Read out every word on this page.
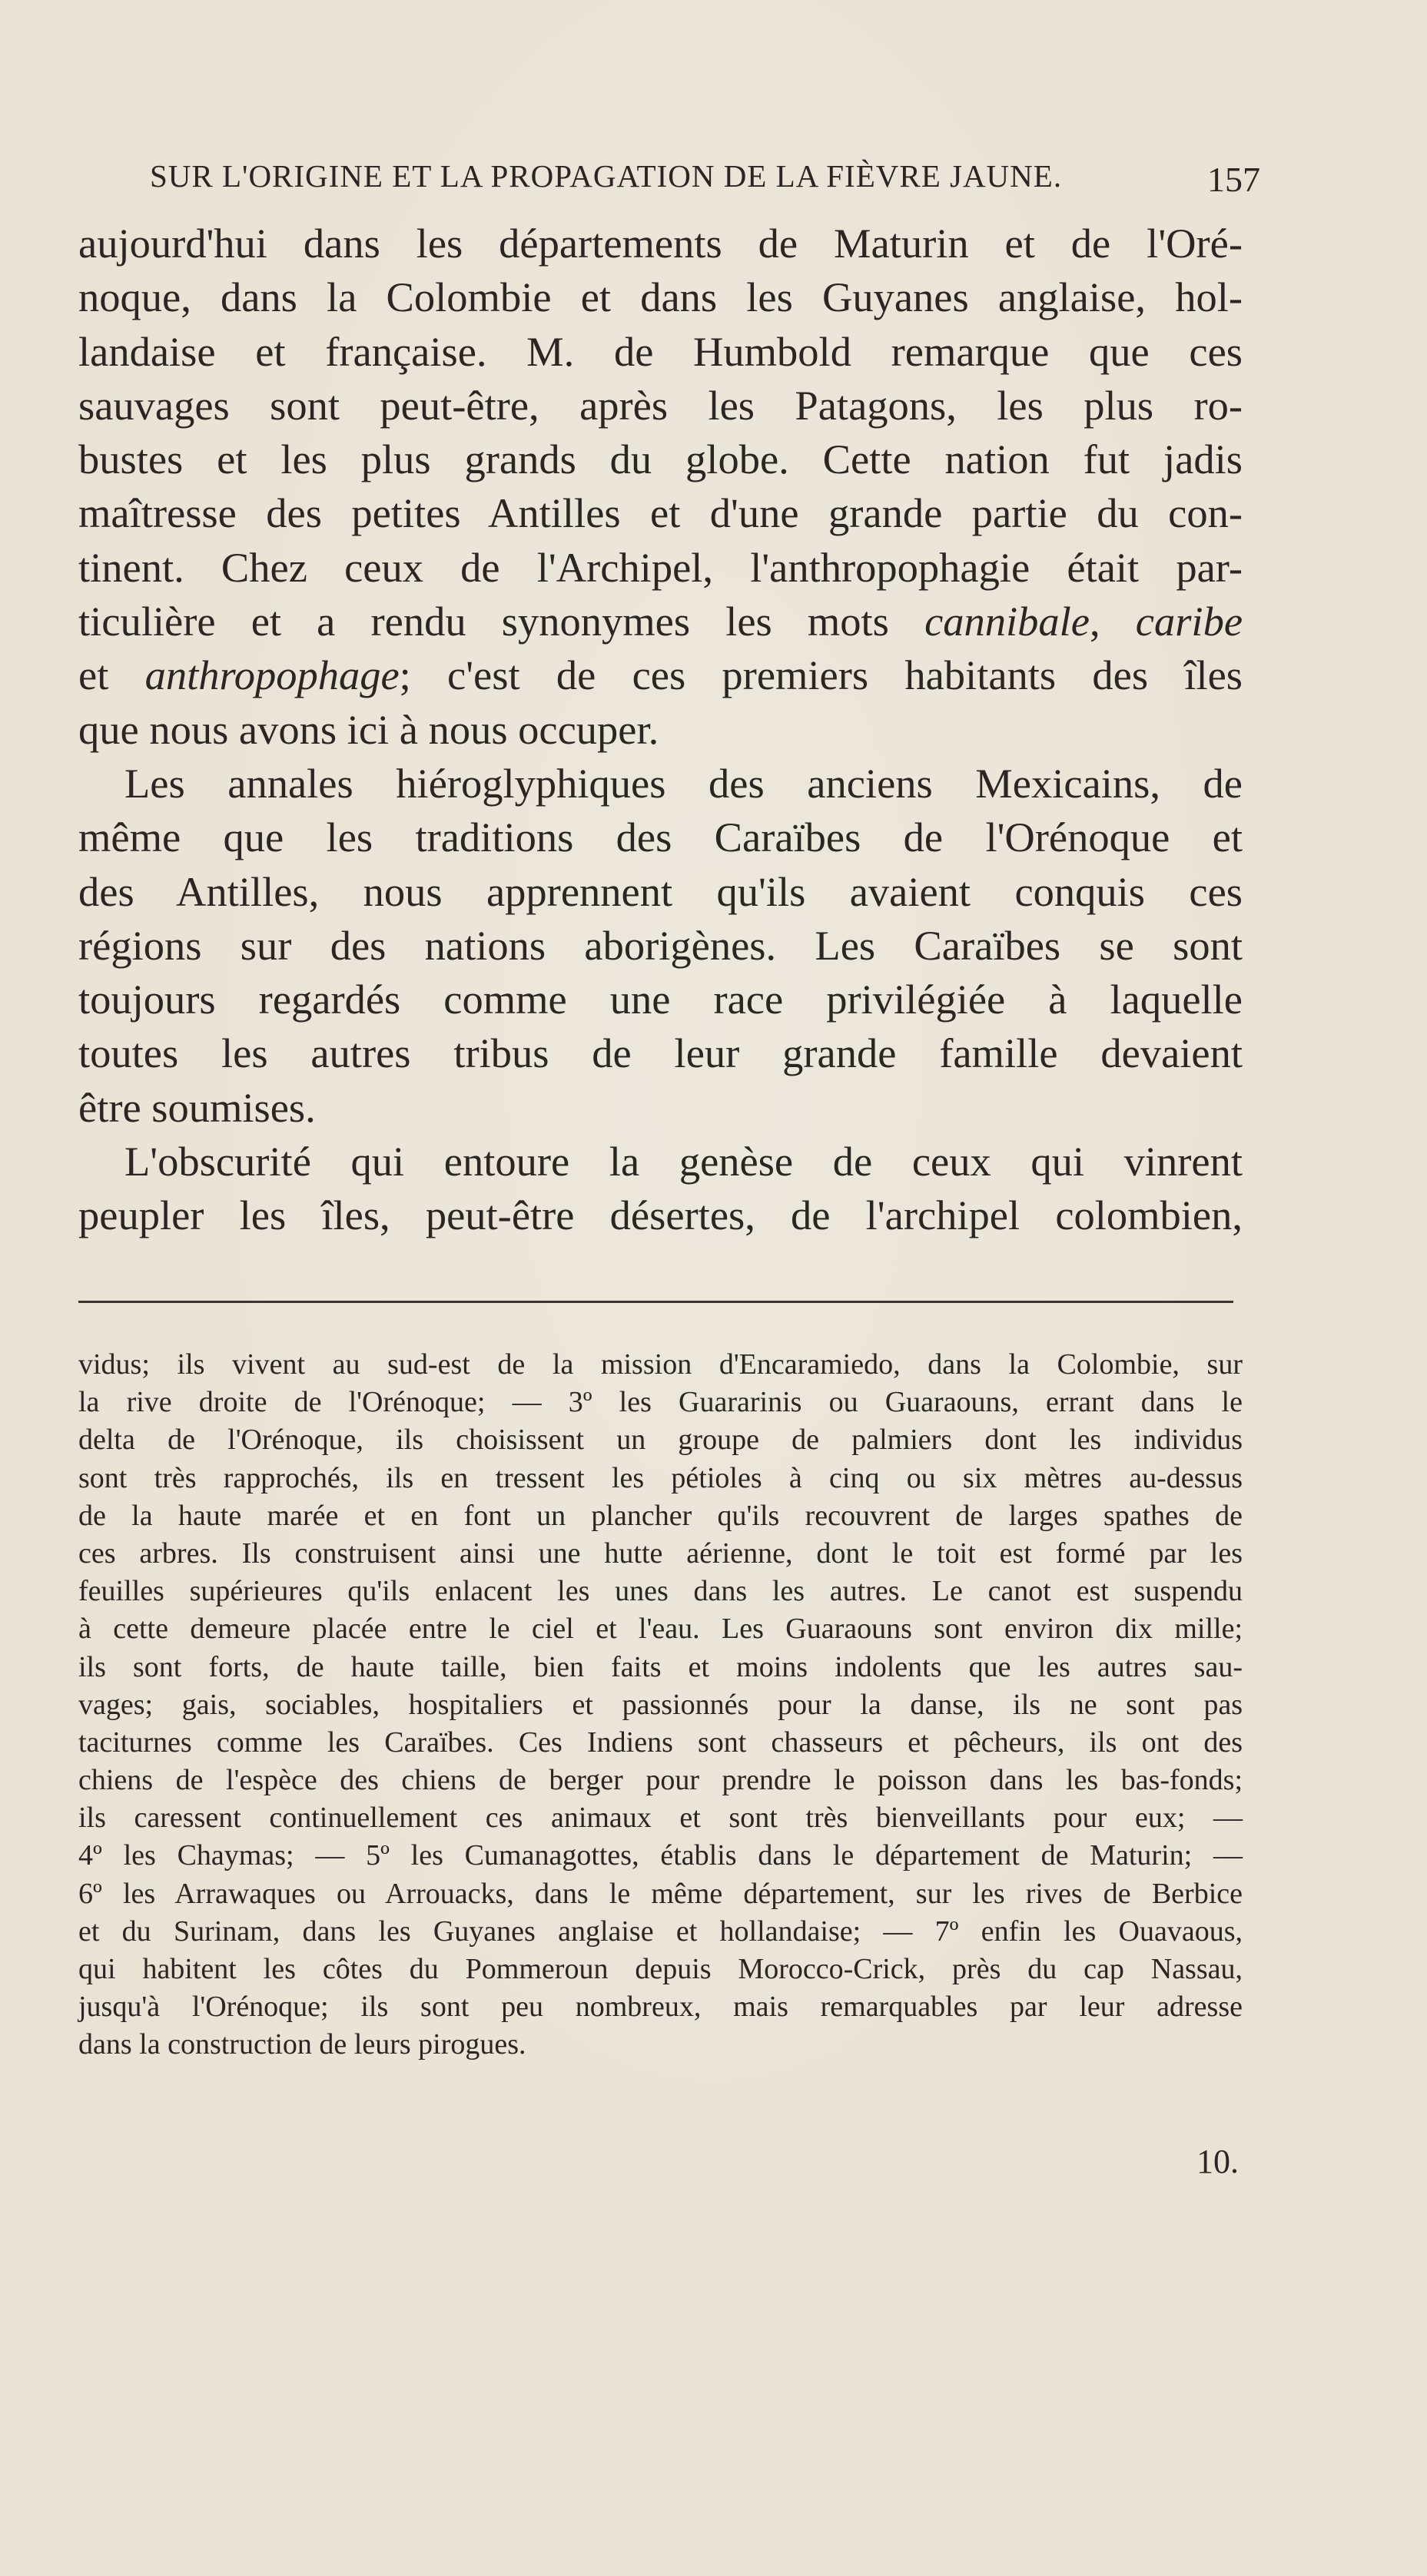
SUR L'ORIGINE ET LA PROPAGATION DE LA FIÈVRE JAUNE.	157
aujourd'hui dans les départements de Maturin et de l'Oré-
noque, dans la Colombie et dans les Guyanes anglaise, hol-
landaise et française. M. de Humbold remarque que ces
sauvages sont peut-être, après les Patagons, les plus ro-
bustes et les plus grands du globe. Cette nation fut jadis
maîtresse des petites Antilles et d'une grande partie du con-
tinent. Chez ceux de l'Archipel, l'anthropophagie était par-
ticulière et a rendu synonymes les mots cannibale, caribe
et anthropophage; c'est de ces premiers habitants des îles
que nous avons ici à nous occuper.
Les annales hiéroglyphiques des anciens Mexicains, de
même que les traditions des Caraïbes de l'Orénoque et
des Antilles, nous apprennent qu'ils avaient conquis ces
régions sur des nations aborigènes. Les Caraïbes se sont
toujours regardés comme une race privilégiée à laquelle
toutes les autres tribus de leur grande famille devaient
être soumises.
L'obscurité qui entoure la genèse de ceux qui vinrent
peupler les îles, peut-être désertes, de l'archipel colombien,
vidus; ils vivent au sud-est de la mission d'Encaramiedo, dans la Colombie, sur
la rive droite de l'Orénoque; — 3º les Guararinis ou Guaraouns, errant dans le
delta de l'Orénoque, ils choisissent un groupe de palmiers dont les individus
sont très rapprochés, ils en tressent les pétioles à cinq ou six mètres au-dessus
de la haute marée et en font un plancher qu'ils recouvrent de larges spathes de
ces arbres. Ils construisent ainsi une hutte aérienne, dont le toit est formé par les
feuilles supérieures qu'ils enlacent les unes dans les autres. Le canot est suspendu
à cette demeure placée entre le ciel et l'eau. Les Guaraouns sont environ dix mille;
ils sont forts, de haute taille, bien faits et moins indolents que les autres sau-
vages; gais, sociables, hospitaliers et passionnés pour la danse, ils ne sont pas
taciturnes comme les Caraïbes. Ces Indiens sont chasseurs et pêcheurs, ils ont des
chiens de l'espèce des chiens de berger pour prendre le poisson dans les bas-fonds;
ils caressent continuellement ces animaux et sont très bienveillants pour eux; —
4º les Chaymas; — 5º les Cumanagottes, établis dans le département de Maturin; —
6º les Arrawaques ou Arrouacks, dans le même département, sur les rives de Berbice
et du Surinam, dans les Guyanes anglaise et hollandaise; — 7º enfin les Ouavaous,
qui habitent les côtes du Pommeroun depuis Morocco-Crick, près du cap Nassau,
jusqu'à l'Orénoque; ils sont peu nombreux, mais remarquables par leur adresse
dans la construction de leurs pirogues.
10.
